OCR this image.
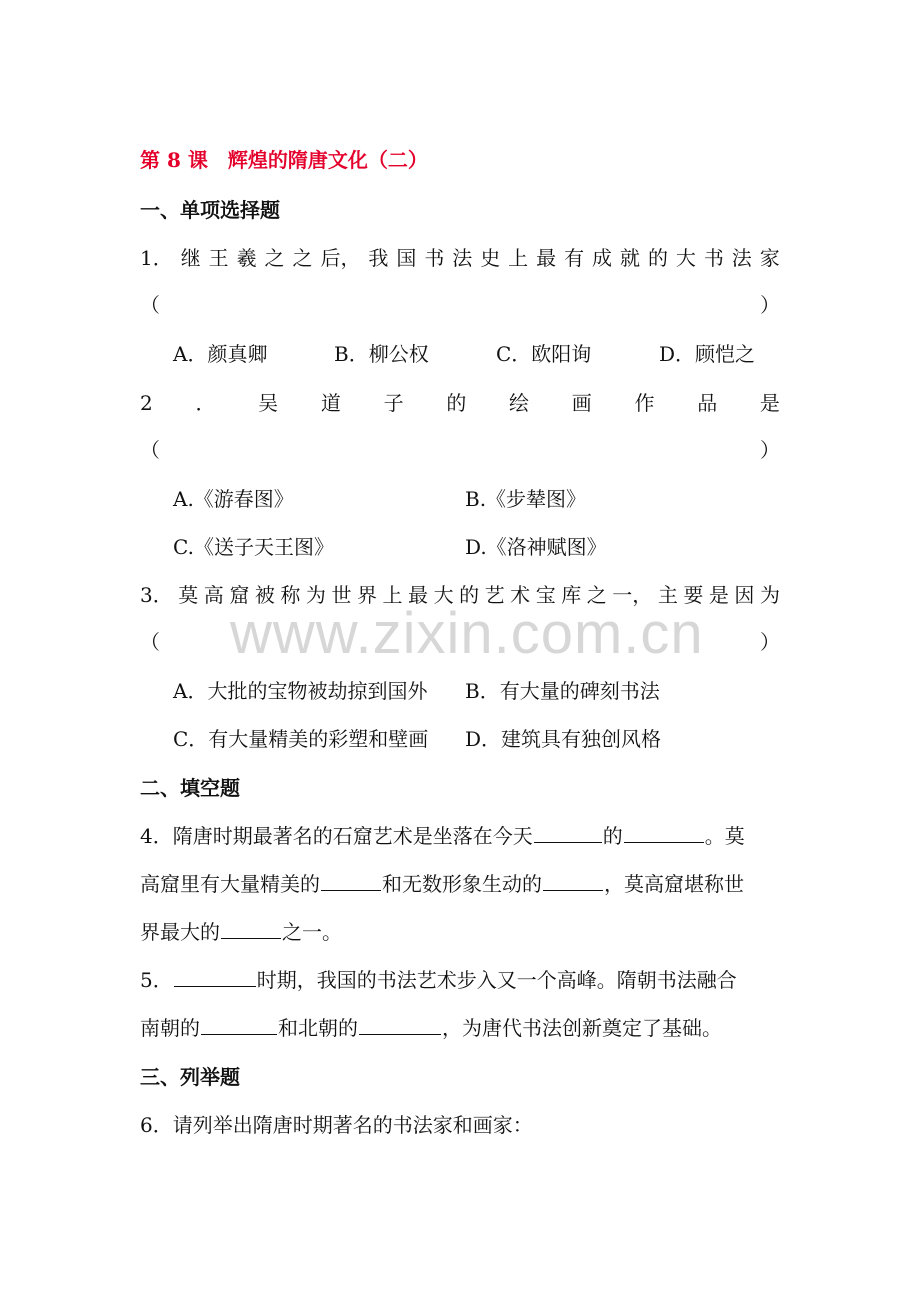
第 8 课　辉煌的隋唐文化（二）
一、单项选择题
1． 继 王 羲 之 之 后， 我 国 书 法 史 上 最 有 成 就 的 大 书 法 家
（	）
A．颜真卿	B．柳公权	C．欧阳询	D．顾恺之
2 ． 吴 道 子 的 绘 画 作 品 是
（	）
A.《游春图》	B.《步辇图》
C.《送子天王图》	D.《洛神赋图》
3． 莫 高 窟 被 称 为 世 界 上 最 大 的 艺 术 宝 库 之 一， 主 要 是 因 为
（	）
A．大批的宝物被劫掠到国外 B．有大量的碑刻书法
C．有大量精美的彩塑和壁画 D．建筑具有独创风格
二、填空题
4．隋唐时期最著名的石窟艺术是坐落在今天	的	。莫
高窟里有大量精美的	和无数形象生动的	，莫高窟堪称世
界最大的	之一。
5．	时期，我国的书法艺术步入又一个高峰。隋朝书法融合
南朝的	和北朝的	，为唐代书法创新奠定了基础。
三、列举题
6．请列举出隋唐时期著名的书法家和画家：
www.zixin.com.cn
